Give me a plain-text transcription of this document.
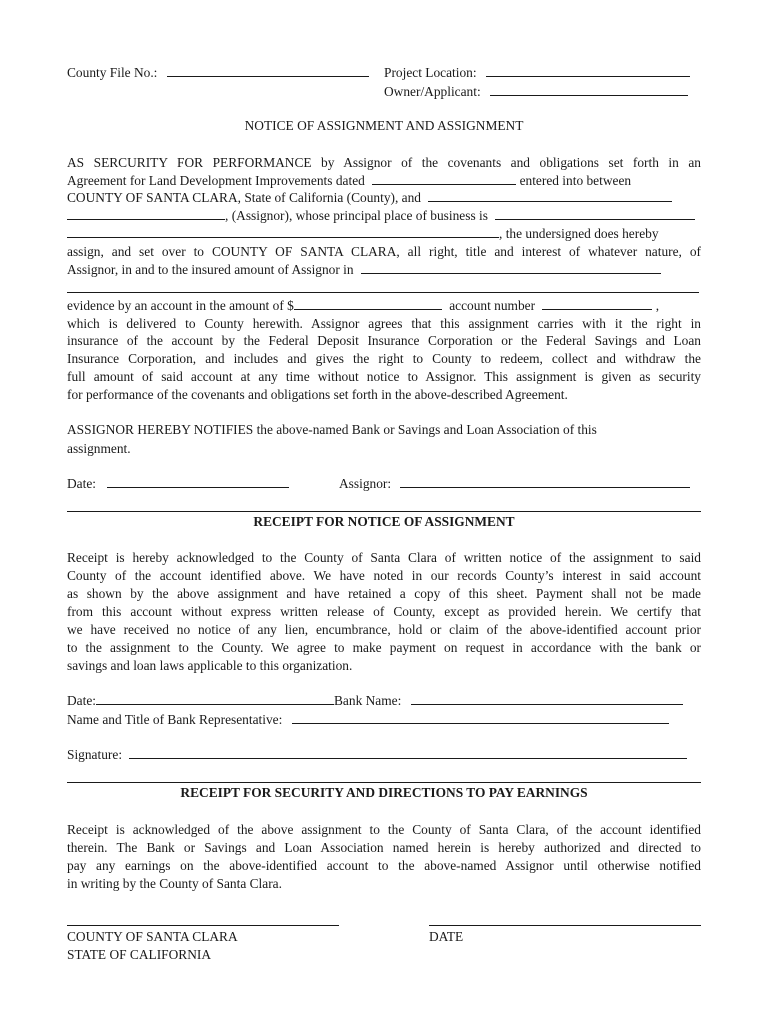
County File No.:	Project Location:
Owner/Applicant:
NOTICE OF ASSIGNMENT AND ASSIGNMENT
AS SERCURITY FOR PERFORMANCE by Assignor of the covenants and obligations set forth in an
Agreement for Land Development Improvements dated	entered into between
COUNTY OF SANTA CLARA, State of California (County), and
, (Assignor), whose principal place of business is
, the undersigned does hereby
assign, and set over to COUNTY OF SANTA CLARA, all right, title and interest of whatever nature, of
Assignor, in and to the insured amount of Assignor in
evidence by an account in the amount of $	account number	,
which is delivered to County herewith. Assignor agrees that this assignment carries with it the right in
insurance of the account by the Federal Deposit Insurance Corporation or the Federal Savings and Loan
Insurance Corporation, and includes and gives the right to County to redeem, collect and withdraw the
full amount of said account at any time without notice to Assignor. This assignment is given as security
for performance of the covenants and obligations set forth in the above-described Agreement.
ASSIGNOR HEREBY NOTIFIES the above-named Bank or Savings and Loan Association of this
assignment.
Date:	Assignor:
RECEIPT FOR NOTICE OF ASSIGNMENT
Receipt is hereby acknowledged to the County of Santa Clara of written notice of the assignment to said
County of the account identified above. We have noted in our records County’s interest in said account
as shown by the above assignment and have retained a copy of this sheet. Payment shall not be made
from this account without express written release of County, except as provided herein. We certify that
we have received no notice of any lien, encumbrance, hold or claim of the above-identified account prior
to the assignment to the County. We agree to make payment on request in accordance with the bank or
savings and loan laws applicable to this organization.
Date:	Bank Name:
Name and Title of Bank Representative:
Signature:
RECEIPT FOR SECURITY AND DIRECTIONS TO PAY EARNINGS
Receipt is acknowledged of the above assignment to the County of Santa Clara, of the account identified
therein. The Bank or Savings and Loan Association named herein is hereby authorized and directed to
pay any earnings on the above-identified account to the above-named Assignor until otherwise notified
in writing by the County of Santa Clara.
COUNTY OF SANTA CLARA
STATE OF CALIFORNIA
DATE
